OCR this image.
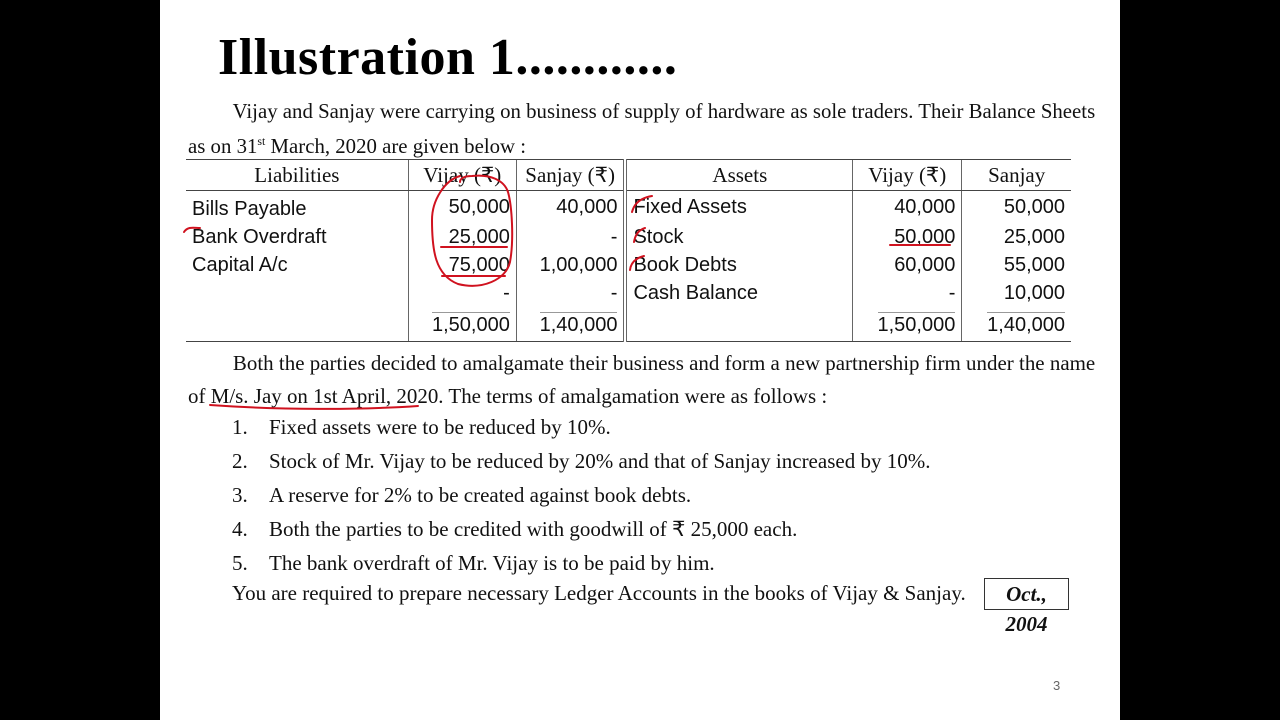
Illustration 1............
Vijay and Sanjay were carrying on business of supply of hardware as sole traders. Their Balance Sheets
as on 31st March, 2020 are given below :
Liabilities	Vijay (₹)	Sanjay (₹)	Assets	Vijay (₹)	Sanjay
Bills Payable	50,000	40,000	Fixed Assets	40,000	50,000
Bank Overdraft	25,000	-	Stock	50,000	25,000
Capital A/c	75,000	1,00,000	Book Debts	60,000	55,000
	-	-	Cash Balance	-	10,000
	1,50,000	1,40,000		1,50,000	1,40,000
Both the parties decided to amalgamate their business and form a new partnership firm under the name
of M/s. Jay on 1st April, 2020. The terms of amalgamation were as follows :
1.	Fixed assets were to be reduced by 10%.
2.	Stock of Mr. Vijay to be reduced by 20% and that of Sanjay increased by 10%.
3.	A reserve for 2% to be created against book debts.
4.	Both the parties to be credited with goodwill of ₹ 25,000 each.
5.	The bank overdraft of Mr. Vijay is to be paid by him.
You are required to prepare necessary Ledger Accounts in the books of Vijay & Sanjay.	Oct., 2004
3
